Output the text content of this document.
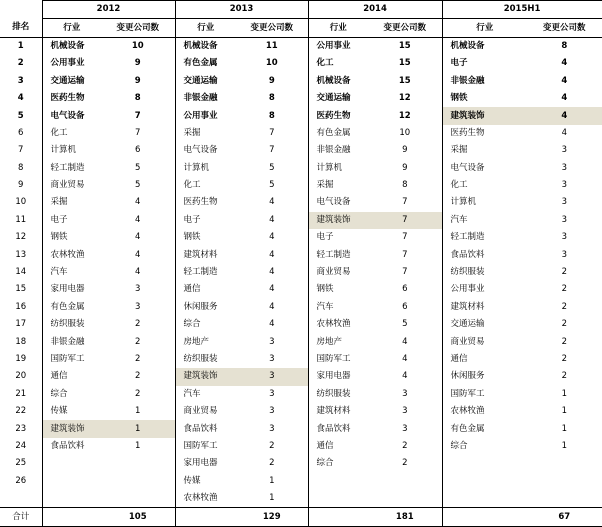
	2012		2013		2014		2015H1	
排名	行业	变更公司数	行业	变更公司数	行业	变更公司数	行业	变更公司数
1	机械设备	10	机械设备	11	公用事业	15	机械设备	8
2	公用事业	9	有色金属	10	化工	15	电子	4
3	交通运输	9	交通运输	9	机械设备	15	非银金融	4
4	医药生物	8	非银金融	8	交通运输	12	钢铁	4
5	电气设备	7	公用事业	8	医药生物	12	建筑装饰	4
6	化工	7	采掘	7	有色金属	10	医药生物	4
7	计算机	6	电气设备	7	非银金融	9	采掘	3
8	轻工制造	5	计算机	5	计算机	9	电气设备	3
9	商业贸易	5	化工	5	采掘	8	化工	3
10	采掘	4	医药生物	4	电气设备	7	计算机	3
11	电子	4	电子	4	建筑装饰	7	汽车	3
12	钢铁	4	钢铁	4	电子	7	轻工制造	3
13	农林牧渔	4	建筑材料	4	轻工制造	7	食品饮料	3
14	汽车	4	轻工制造	4	商业贸易	7	纺织服装	2
15	家用电器	3	通信	4	钢铁	6	公用事业	2
16	有色金属	3	休闲服务	4	汽车	6	建筑材料	2
17	纺织服装	2	综合	4	农林牧渔	5	交通运输	2
18	非银金融	2	房地产	3	房地产	4	商业贸易	2
19	国防军工	2	纺织服装	3	国防军工	4	通信	2
20	通信	2	建筑装饰	3	家用电器	4	休闲服务	2
21	综合	2	汽车	3	纺织服装	3	国防军工	1
22	传媒	1	商业贸易	3	建筑材料	3	农林牧渔	1
23	建筑装饰	1	食品饮料	3	食品饮料	3	有色金属	1
24	食品饮料	1	国防军工	2	通信	2	综合	1
25			家用电器	2	综合	2		
26			传媒	1				
			农林牧渔	1				
合计		105		129		181		67
